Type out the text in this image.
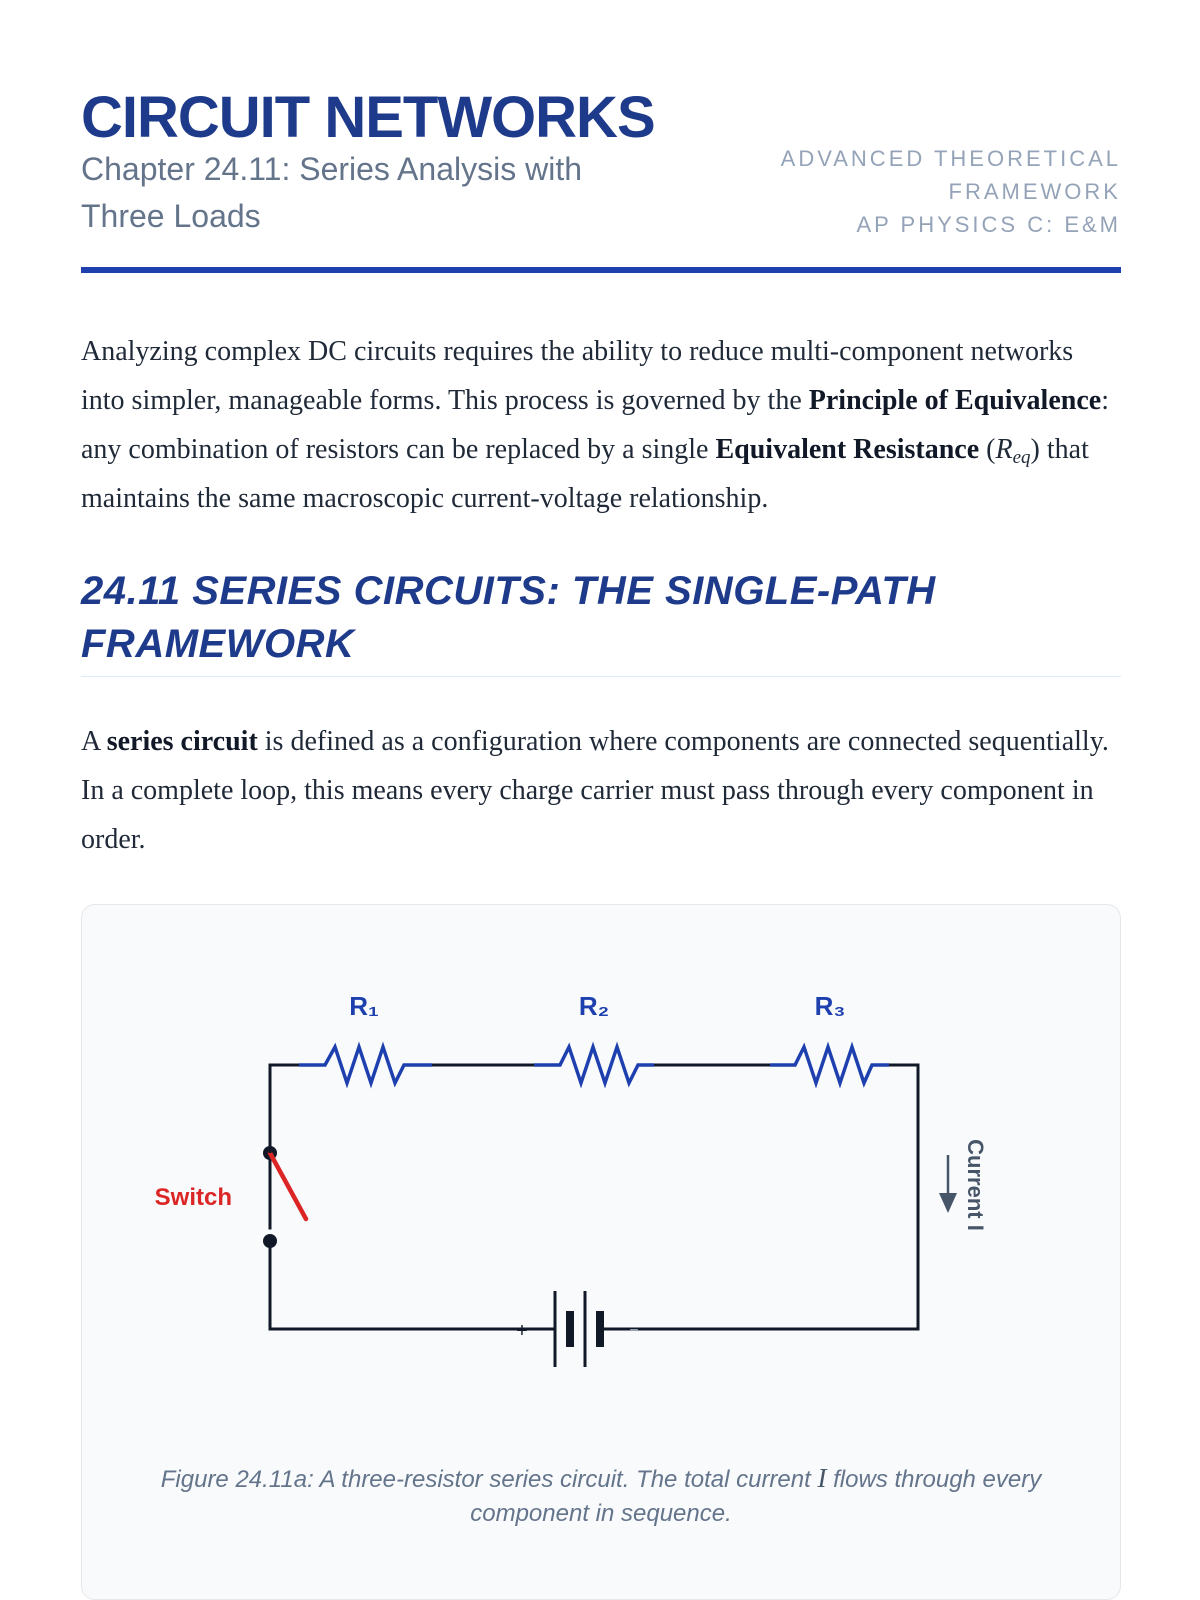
CIRCUIT NETWORKS

Chapter 24.11: Series Analysis with Three Loads

ADVANCED THEORETICAL
FRAMEWORK
AP PHYSICS C: E&M

Analyzing complex DC circuits requires the ability to reduce multi-component networks into simpler, manageable forms. This process is governed by the Principle of Equivalence: any combination of resistors can be replaced by a single Equivalent Resistance $(R_{eq})$ that maintains the same macroscopic current-voltage relationship.

24.11 SERIES CIRCUITS: THE SINGLE-PATH FRAMEWORK

A series circuit is defined as a configuration where components are connected sequentially. In a complete loop, this means every charge carrier must pass through every component in order.

R₁	R₂	R₃
Switch
+	−
Current I
Figure 24.11a: A three-resistor series circuit. The total current I flows through every component in sequence.
